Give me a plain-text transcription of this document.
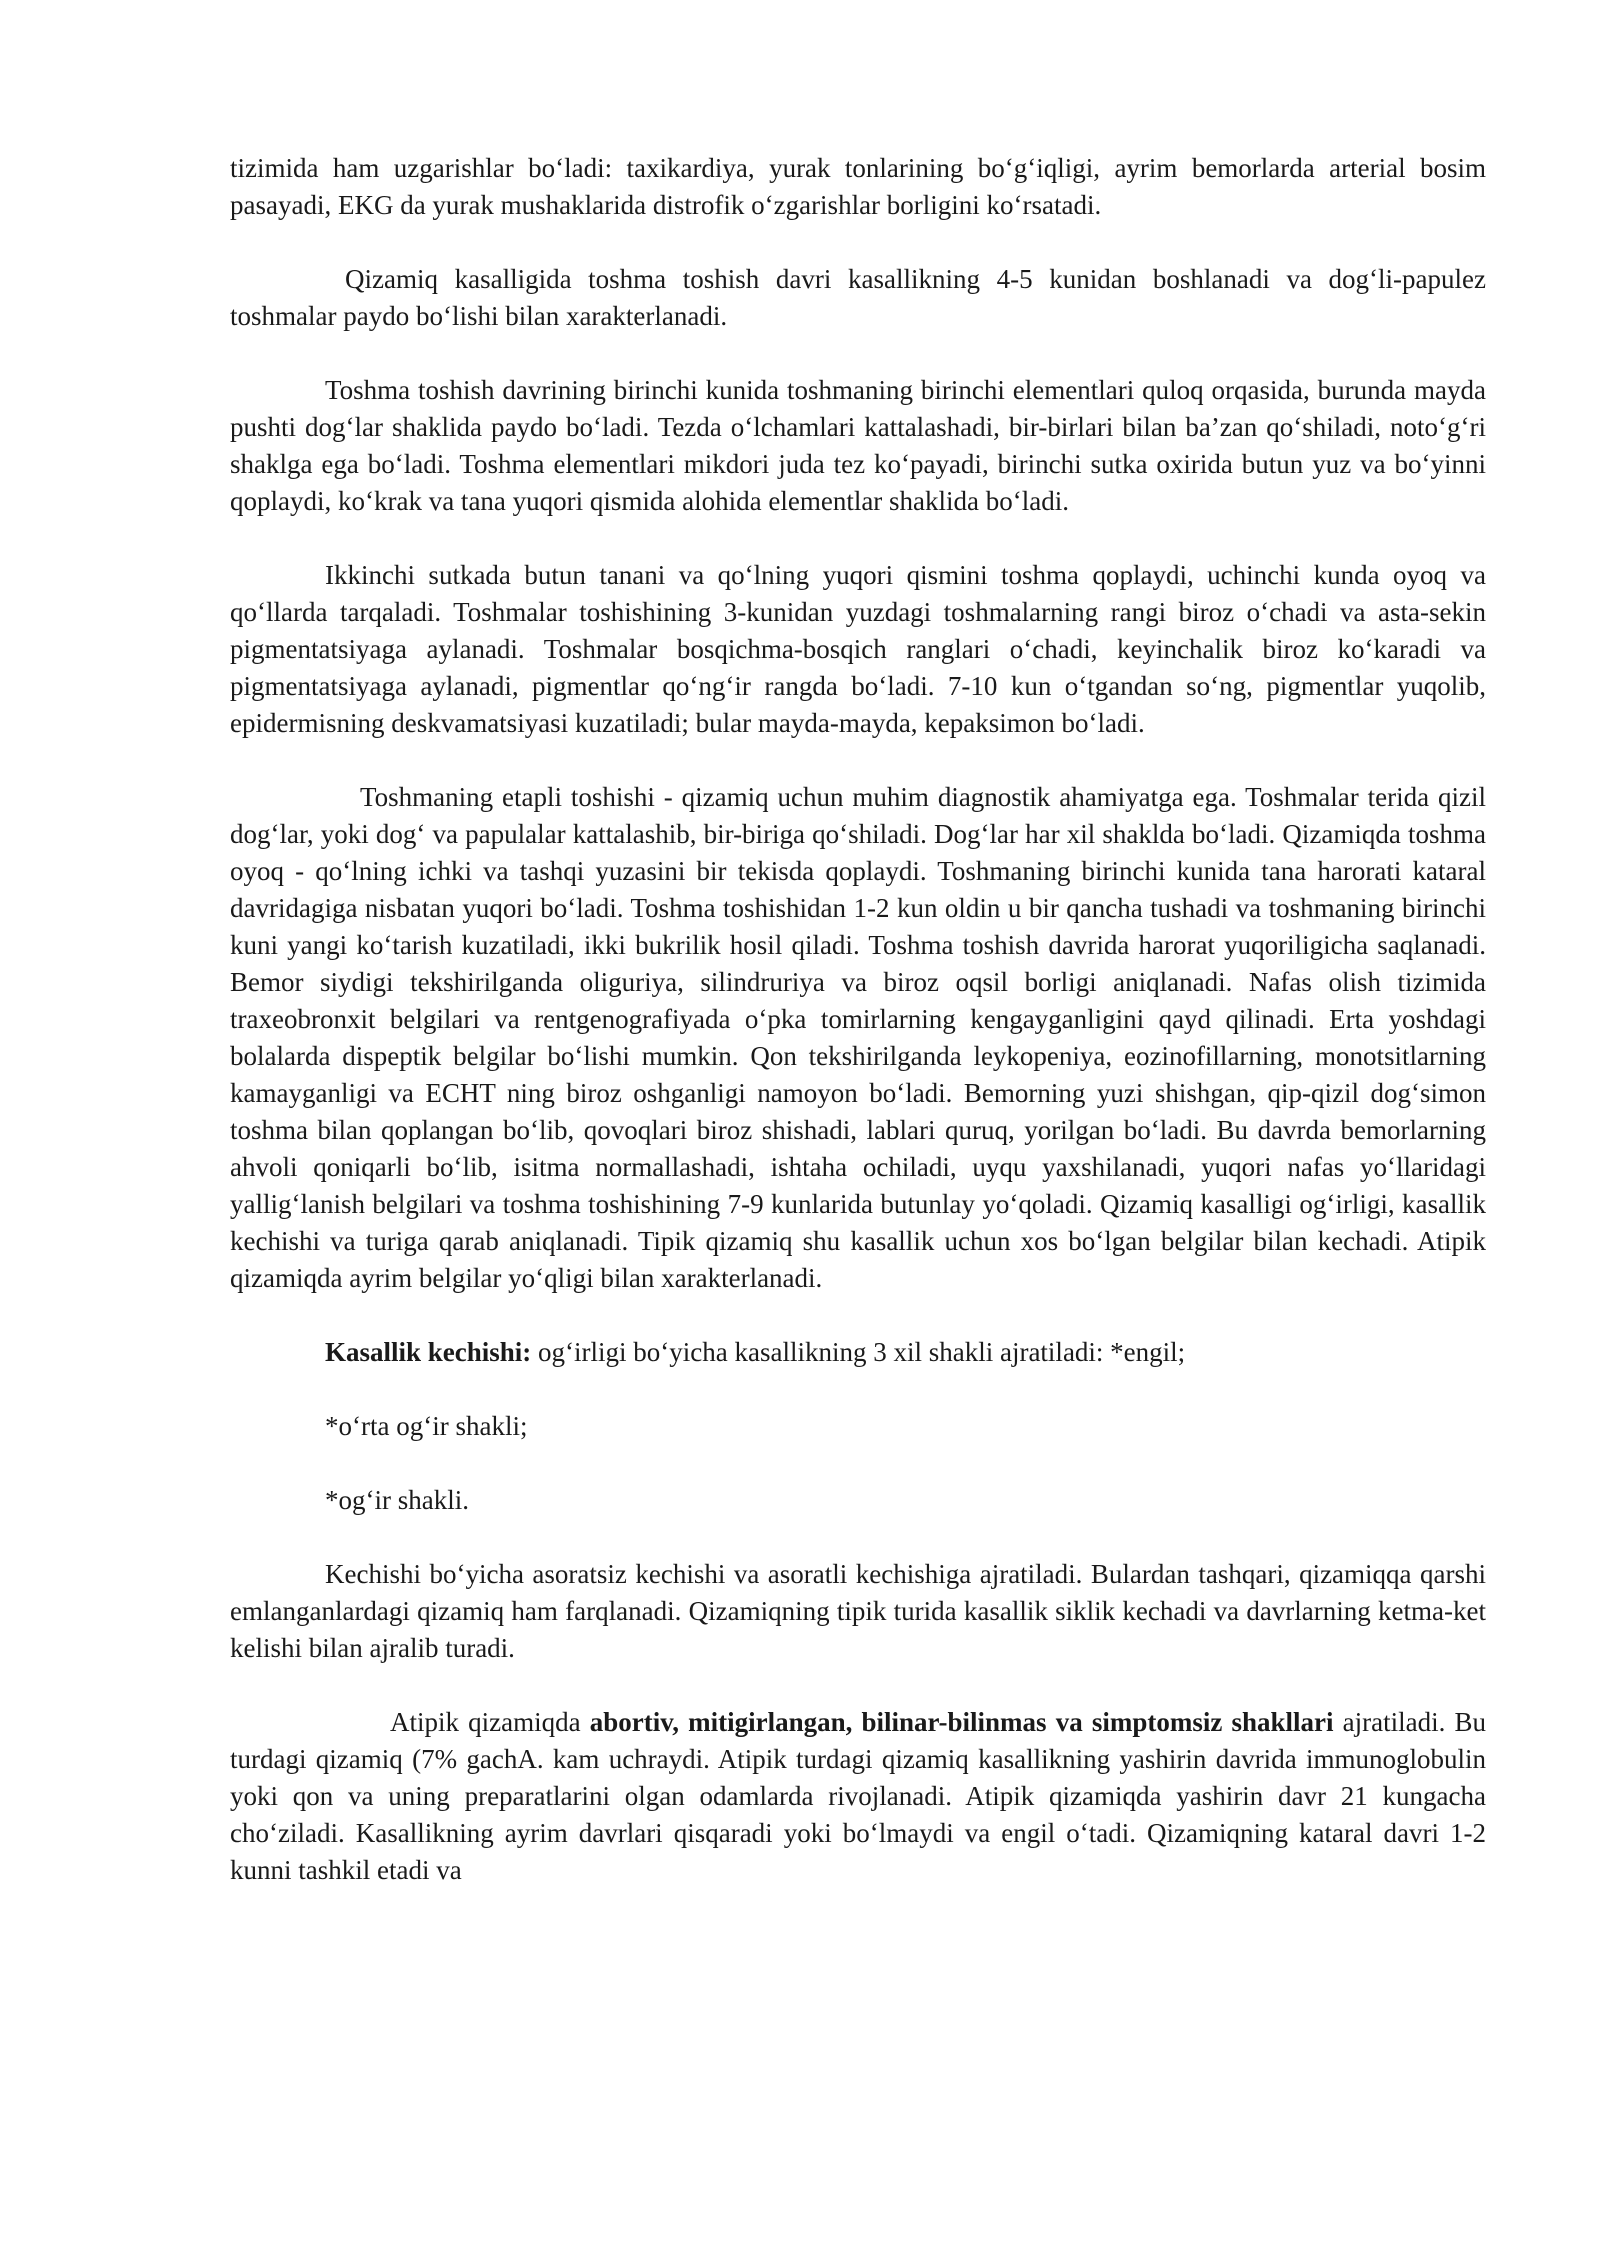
tizimida ham uzgarishlar bo‘ladi: taxikardiya, yurak tonlarining bo‘g‘iqligi, ayrim bemorlarda arterial bosim pasayadi, EKG da yurak mushaklarida distrofik o‘zgarishlar borligini ko‘rsatadi.

Qizamiq kasalligida toshma toshish davri kasallikning 4-5 kunidan boshlanadi va dog‘li-papulez toshmalar paydo bo‘lishi bilan xarakterlanadi.

Toshma toshish davrining birinchi kunida toshmaning birinchi elementlari quloq orqasida, burunda mayda pushti dog‘lar shaklida paydo bo‘ladi. Tezda o‘lchamlari kattalashadi, bir-birlari bilan ba’zan qo‘shiladi, noto‘g‘ri shaklga ega bo‘ladi. Toshma elementlari mikdori juda tez ko‘payadi, birinchi sutka oxirida butun yuz va bo‘yinni qoplaydi, ko‘krak va tana yuqori qismida alohida elementlar shaklida bo‘ladi.

Ikkinchi sutkada butun tanani va qo‘lning yuqori qismini toshma qoplaydi, uchinchi kunda oyoq va qo‘llarda tarqaladi. Toshmalar toshishining 3-kunidan yuzdagi toshmalarning rangi biroz o‘chadi va asta-sekin pigmentatsiyaga aylanadi. Toshmalar bosqichma-bosqich ranglari o‘chadi, keyinchalik biroz ko‘karadi va pigmentatsiyaga aylanadi, pigmentlar qo‘ng‘ir rangda bo‘ladi. 7-10 kun o‘tgandan so‘ng, pigmentlar yuqolib, epidermisning deskvamatsiyasi kuzatiladi; bular mayda-mayda, kepaksimon bo‘ladi.

Toshmaning etapli toshishi - qizamiq uchun muhim diagnostik ahamiyatga ega. Toshmalar terida qizil dog‘lar, yoki dog‘ va papulalar kattalashib, bir-biriga qo‘shiladi. Dog‘lar har xil shaklda bo‘ladi. Qizamiqda toshma oyoq - qo‘lning ichki va tashqi yuzasini bir tekisda qoplaydi. Toshmaning birinchi kunida tana harorati kataral davridagiga nisbatan yuqori bo‘ladi. Toshma toshishidan 1-2 kun oldin u bir qancha tushadi va toshmaning birinchi kuni yangi ko‘tarish kuzatiladi, ikki bukrilik hosil qiladi. Toshma toshish davrida harorat yuqoriligicha saqlanadi. Bemor siydigi tekshirilganda oliguriya, silindruriya va biroz oqsil borligi aniqlanadi. Nafas olish tizimida traxeobronxit belgilari va rentgenografiyada o‘pka tomirlarning kengayganligini qayd qilinadi. Erta yoshdagi bolalarda dispeptik belgilar bo‘lishi mumkin. Qon tekshirilganda leykopeniya, eozinofillarning, monotsitlarning kamayganligi va ECHT ning biroz oshganligi namoyon bo‘ladi. Bemorning yuzi shishgan, qip-qizil dog‘simon toshma bilan qoplangan bo‘lib, qovoqlari biroz shishadi, lablari quruq, yorilgan bo‘ladi. Bu davrda bemorlarning ahvoli qoniqarli bo‘lib, isitma normallashadi, ishtaha ochiladi, uyqu yaxshilanadi, yuqori nafas yo‘llaridagi yallig‘lanish belgilari va toshma toshishining 7-9 kunlarida butunlay yo‘qoladi. Qizamiq kasalligi og‘irligi, kasallik kechishi va turiga qarab aniqlanadi. Tipik qizamiq shu kasallik uchun xos bo‘lgan belgilar bilan kechadi. Atipik qizamiqda ayrim belgilar yo‘qligi bilan xarakterlanadi.

Kasallik kechishi: og‘irligi bo‘yicha kasallikning 3 xil shakli ajratiladi: *engil;

*o‘rta og‘ir shakli;

*og‘ir shakli.

Kechishi bo‘yicha asoratsiz kechishi va asoratli kechishiga ajratiladi. Bulardan tashqari, qizamiqqa qarshi emlanganlardagi qizamiq ham farqlanadi. Qizamiqning tipik turida kasallik siklik kechadi va davrlarning ketma-ket kelishi bilan ajralib turadi.

Atipik qizamiqda abortiv, mitigirlangan, bilinar-bilinmas va simptomsiz shakllari ajratiladi. Bu turdagi qizamiq (7% gachA. kam uchraydi. Atipik turdagi qizamiq kasallikning yashirin davrida immunoglobulin yoki qon va uning preparatlarini olgan odamlarda rivojlanadi. Atipik qizamiqda yashirin davr 21 kungacha cho‘ziladi. Kasallikning ayrim davrlari qisqaradi yoki bo‘lmaydi va engil o‘tadi. Qizamiqning kataral davri 1-2 kunni tashkil etadi va
